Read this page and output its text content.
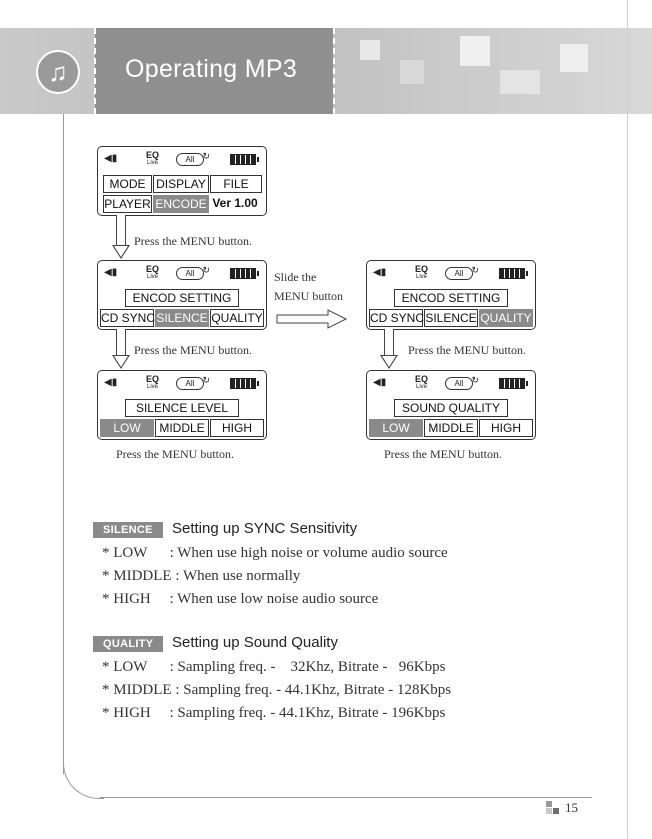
♫	Operating MP3
◀▮	EQ
Live	All ↻
MODE DISPLAY	FILE
PLAYER ENCODE Ver 1.00
Press the MENU button.
◀▮	EQ
Live	All ↻
ENCOD SETTING
CD SYNC SILENCE QUALITY
Slide the
MENU button
◀▮	EQ
Live	All ↻
ENCOD SETTING
CD SYNC SILENCE QUALITY
Press the MENU button.	Press the MENU button.
◀▮	EQ
Live	All ↻
SILENCE LEVEL
LOW	MIDDLE	HIGH
Press the MENU button.
◀▮	EQ
Live	All ↻
SOUND QUALITY
LOW	MIDDLE	HIGH
Press the MENU button.
SILENCE	Setting up SYNC Sensitivity
* LOW      : When use high noise or volume audio source
* MIDDLE : When use normally
* HIGH     : When use low noise audio source
QUALITY	Setting up Sound Quality
* LOW      : Sampling freq. -    32Khz, Bitrate -   96Kbps
* MIDDLE : Sampling freq. - 44.1Khz, Bitrate - 128Kbps
* HIGH     : Sampling freq. - 44.1Khz, Bitrate - 196Kbps
15
